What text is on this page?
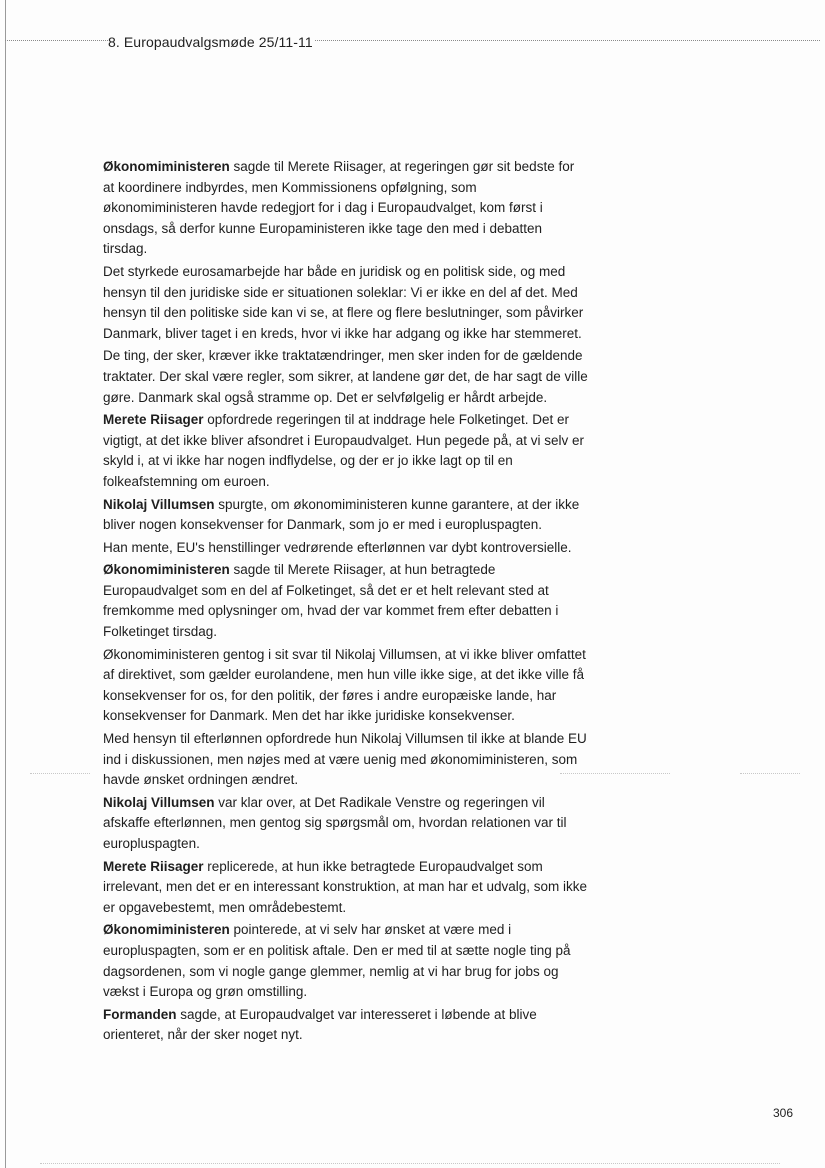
8. Europaudvalgsmøde 25/11-11

Økonomiministeren sagde til Merete Riisager, at regeringen gør sit bedste for at koordinere indbyrdes, men Kommissionens opfølgning, som økonomiministeren havde redegjort for i dag i Europaudvalget, kom først i onsdags, så derfor kunne Europaministeren ikke tage den med i debatten tirsdag.

Det styrkede eurosamarbejde har både en juridisk og en politisk side, og med hensyn til den juridiske side er situationen soleklar: Vi er ikke en del af det. Med hensyn til den politiske side kan vi se, at flere og flere beslutninger, som påvirker Danmark, bliver taget i en kreds, hvor vi ikke har adgang og ikke har stemmeret.

De ting, der sker, kræver ikke traktatændringer, men sker inden for de gældende traktater. Der skal være regler, som sikrer, at landene gør det, de har sagt de ville gøre. Danmark skal også stramme op. Det er selvfølgelig er hårdt arbejde.

Merete Riisager opfordrede regeringen til at inddrage hele Folketinget. Det er vigtigt, at det ikke bliver afsondret i Europaudvalget. Hun pegede på, at vi selv er skyld i, at vi ikke har nogen indflydelse, og der er jo ikke lagt op til en folkeafstemning om euroen.

Nikolaj Villumsen spurgte, om økonomiministeren kunne garantere, at der ikke bliver nogen konsekvenser for Danmark, som jo er med i europluspagten.

Han mente, EU's henstillinger vedrørende efterlønnen var dybt kontroversielle.

Økonomiministeren sagde til Merete Riisager, at hun betragtede Europaudvalget som en del af Folketinget, så det er et helt relevant sted at fremkomme med oplysninger om, hvad der var kommet frem efter debatten i Folketinget tirsdag.

Økonomiministeren gentog i sit svar til Nikolaj Villumsen, at vi ikke bliver omfattet af direktivet, som gælder eurolandene, men hun ville ikke sige, at det ikke ville få konsekvenser for os, for den politik, der føres i andre europæiske lande, har konsekvenser for Danmark. Men det har ikke juridiske konsekvenser.

Med hensyn til efterlønnen opfordrede hun Nikolaj Villumsen til ikke at blande EU ind i diskussionen, men nøjes med at være uenig med økonomiministeren, som havde ønsket ordningen ændret.

Nikolaj Villumsen var klar over, at Det Radikale Venstre og regeringen vil afskaffe efterlønnen, men gentog sig spørgsmål om, hvordan relationen var til europluspagten.

Merete Riisager replicerede, at hun ikke betragtede Europaudvalget som irrelevant, men det er en interessant konstruktion, at man har et udvalg, som ikke er opgavebestemt, men områdebestemt.

Økonomiministeren pointerede, at vi selv har ønsket at være med i europluspagten, som er en politisk aftale. Den er med til at sætte nogle ting på dagsordenen, som vi nogle gange glemmer, nemlig at vi har brug for jobs og vækst i Europa og grøn omstilling.

Formanden sagde, at Europaudvalget var interesseret i løbende at blive orienteret, når der sker noget nyt.

306
